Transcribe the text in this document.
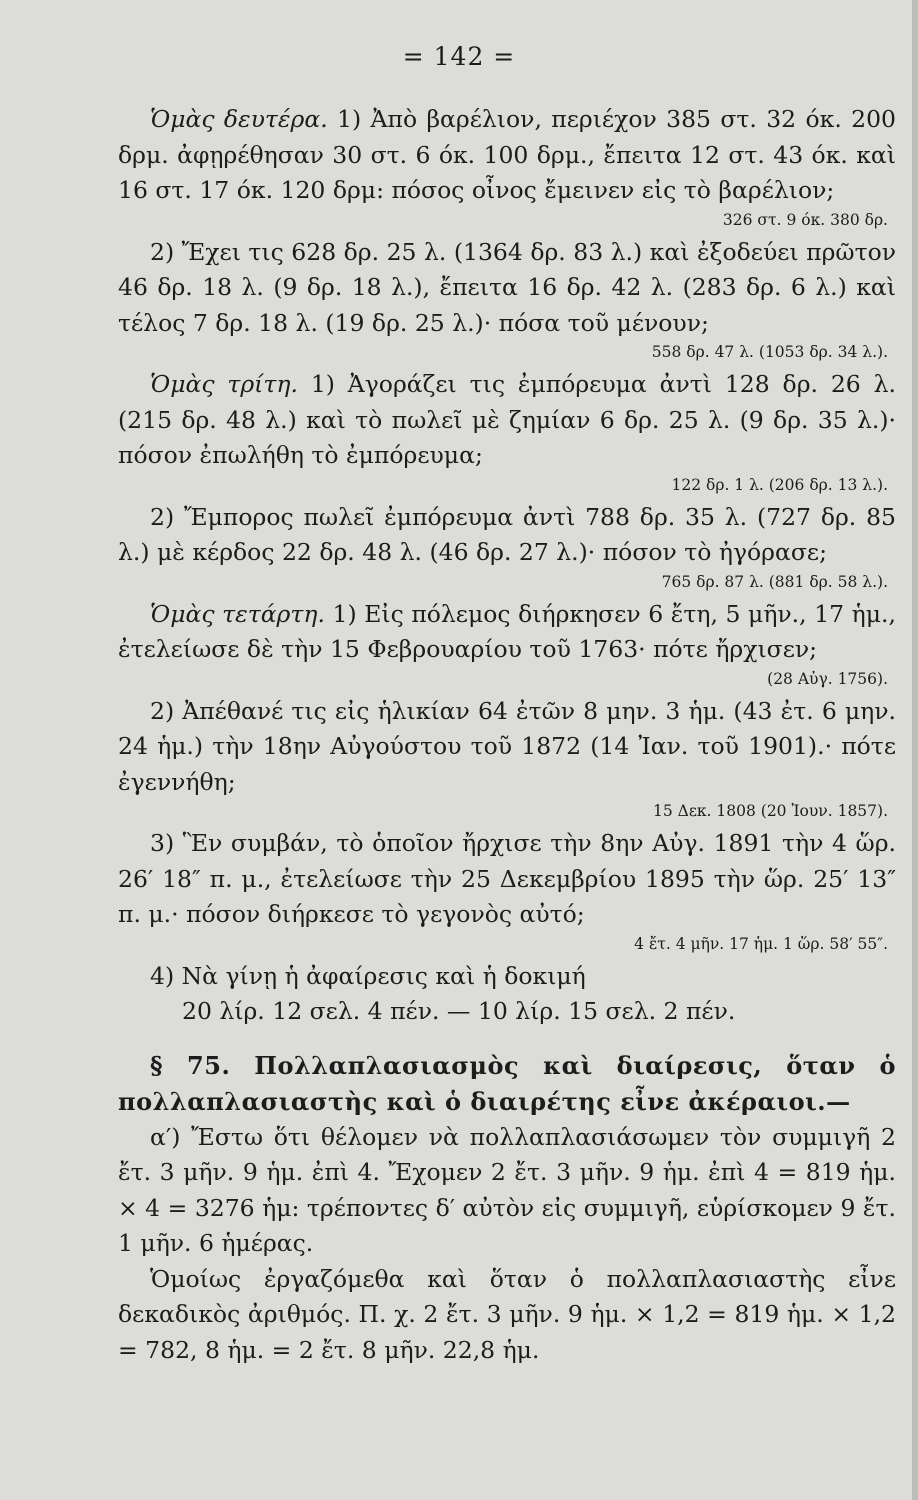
= 142 =

Ὁμὰς δευτέρα. 1) Ἀπὸ βαρέλιον, περιέχον 385 στ. 32 όκ. 200 δρμ. ἀφῃρέθησαν 30 στ. 6 όκ. 100 δρμ., ἔπειτα 12 στ. 43 όκ. καὶ 16 στ. 17 όκ. 120 δρμ: πόσος οἶνος ἔμεινεν εἰς τὸ βαρέλιον;

326 στ. 9 όκ. 380 δρ.

2) Ἔχει τις 628 δρ. 25 λ. (1364 δρ. 83 λ.) καὶ ἐξοδεύει πρῶτον 46 δρ. 18 λ. (9 δρ. 18 λ.), ἔπειτα 16 δρ. 42 λ. (283 δρ. 6 λ.) καὶ τέλος 7 δρ. 18 λ. (19 δρ. 25 λ.)· πόσα τοῦ μένουν;

558 δρ. 47 λ. (1053 δρ. 34 λ.).

Ὁμὰς τρίτη. 1) Ἀγοράζει τις ἐμπόρευμα ἀντὶ 128 δρ. 26 λ. (215 δρ. 48 λ.) καὶ τὸ πωλεῖ μὲ ζημίαν 6 δρ. 25 λ. (9 δρ. 35 λ.)· πόσον ἐπωλήθη τὸ ἐμπόρευμα;

122 δρ. 1 λ. (206 δρ. 13 λ.).

2) Ἔμπορος πωλεῖ ἐμπόρευμα ἀντὶ 788 δρ. 35 λ. (727 δρ. 85 λ.) μὲ κέρδος 22 δρ. 48 λ. (46 δρ. 27 λ.)· πόσον τὸ ἠγόρασε;

765 δρ. 87 λ. (881 δρ. 58 λ.).

Ὁμὰς τετάρτη. 1) Εἰς πόλεμος διήρκησεν 6 ἔτη, 5 μῆν., 17 ἡμ., ἐτελείωσε δὲ τὴν 15 Φεβρουαρίου τοῦ 1763· πότε ἤρχισεν;

(28 Αὐγ. 1756).

2) Ἀπέθανέ τις εἰς ἡλικίαν 64 ἐτῶν 8 μην. 3 ἡμ. (43 ἐτ. 6 μην. 24 ἡμ.) τὴν 18ην Αὐγούστου τοῦ 1872 (14 Ἰαν. τοῦ 1901).· πότε ἐγεννήθη;

15 Δεκ. 1808 (20 Ἰουν. 1857).

3) Ἓν συμβάν, τὸ ὁποῖον ἤρχισε τὴν 8ην Αὐγ. 1891 τὴν 4 ὥρ. 26′ 18″ π. μ., ἐτελείωσε τὴν 25 Δεκεμβρίου 1895 τὴν ὥρ. 25′ 13″ π. μ.· πόσον διήρκεσε τὸ γεγονὸς αὐτό;

4 ἔτ. 4 μῆν. 17 ἡμ. 1 ὥρ. 58′ 55″.

4) Νὰ γίνῃ ἡ ἀφαίρεσις καὶ ἡ δοκιμή

20 λίρ. 12 σελ. 4 πέν. — 10 λίρ. 15 σελ. 2 πέν.

§ 75. Πολλαπλασιασμὸς καὶ διαίρεσις, ὅταν ὁ πολλαπλασιαστὴς καὶ ὁ διαιρέτης εἶνε ἀκέραιοι.—

α′) Ἔστω ὅτι θέλομεν νὰ πολλαπλασιάσωμεν τὸν συμμιγῆ 2 ἔτ. 3 μῆν. 9 ἡμ. ἐπὶ 4. Ἔχομεν 2 ἔτ. 3 μῆν. 9 ἡμ. ἐπὶ 4 = 819 ἡμ. × 4 = 3276 ἡμ: τρέποντες δ′ αὐτὸν εἰς συμμιγῆ, εὑρίσκομεν 9 ἔτ. 1 μῆν. 6 ἡμέρας.

Ὁμοίως ἐργαζόμεθα καὶ ὅταν ὁ πολλαπλασιαστὴς εἶνε δεκαδικὸς ἀριθμός. Π. χ. 2 ἔτ. 3 μῆν. 9 ἡμ. × 1,2 = 819 ἡμ. × 1,2 = 782, 8 ἡμ. = 2 ἔτ. 8 μῆν. 22,8 ἡμ.
